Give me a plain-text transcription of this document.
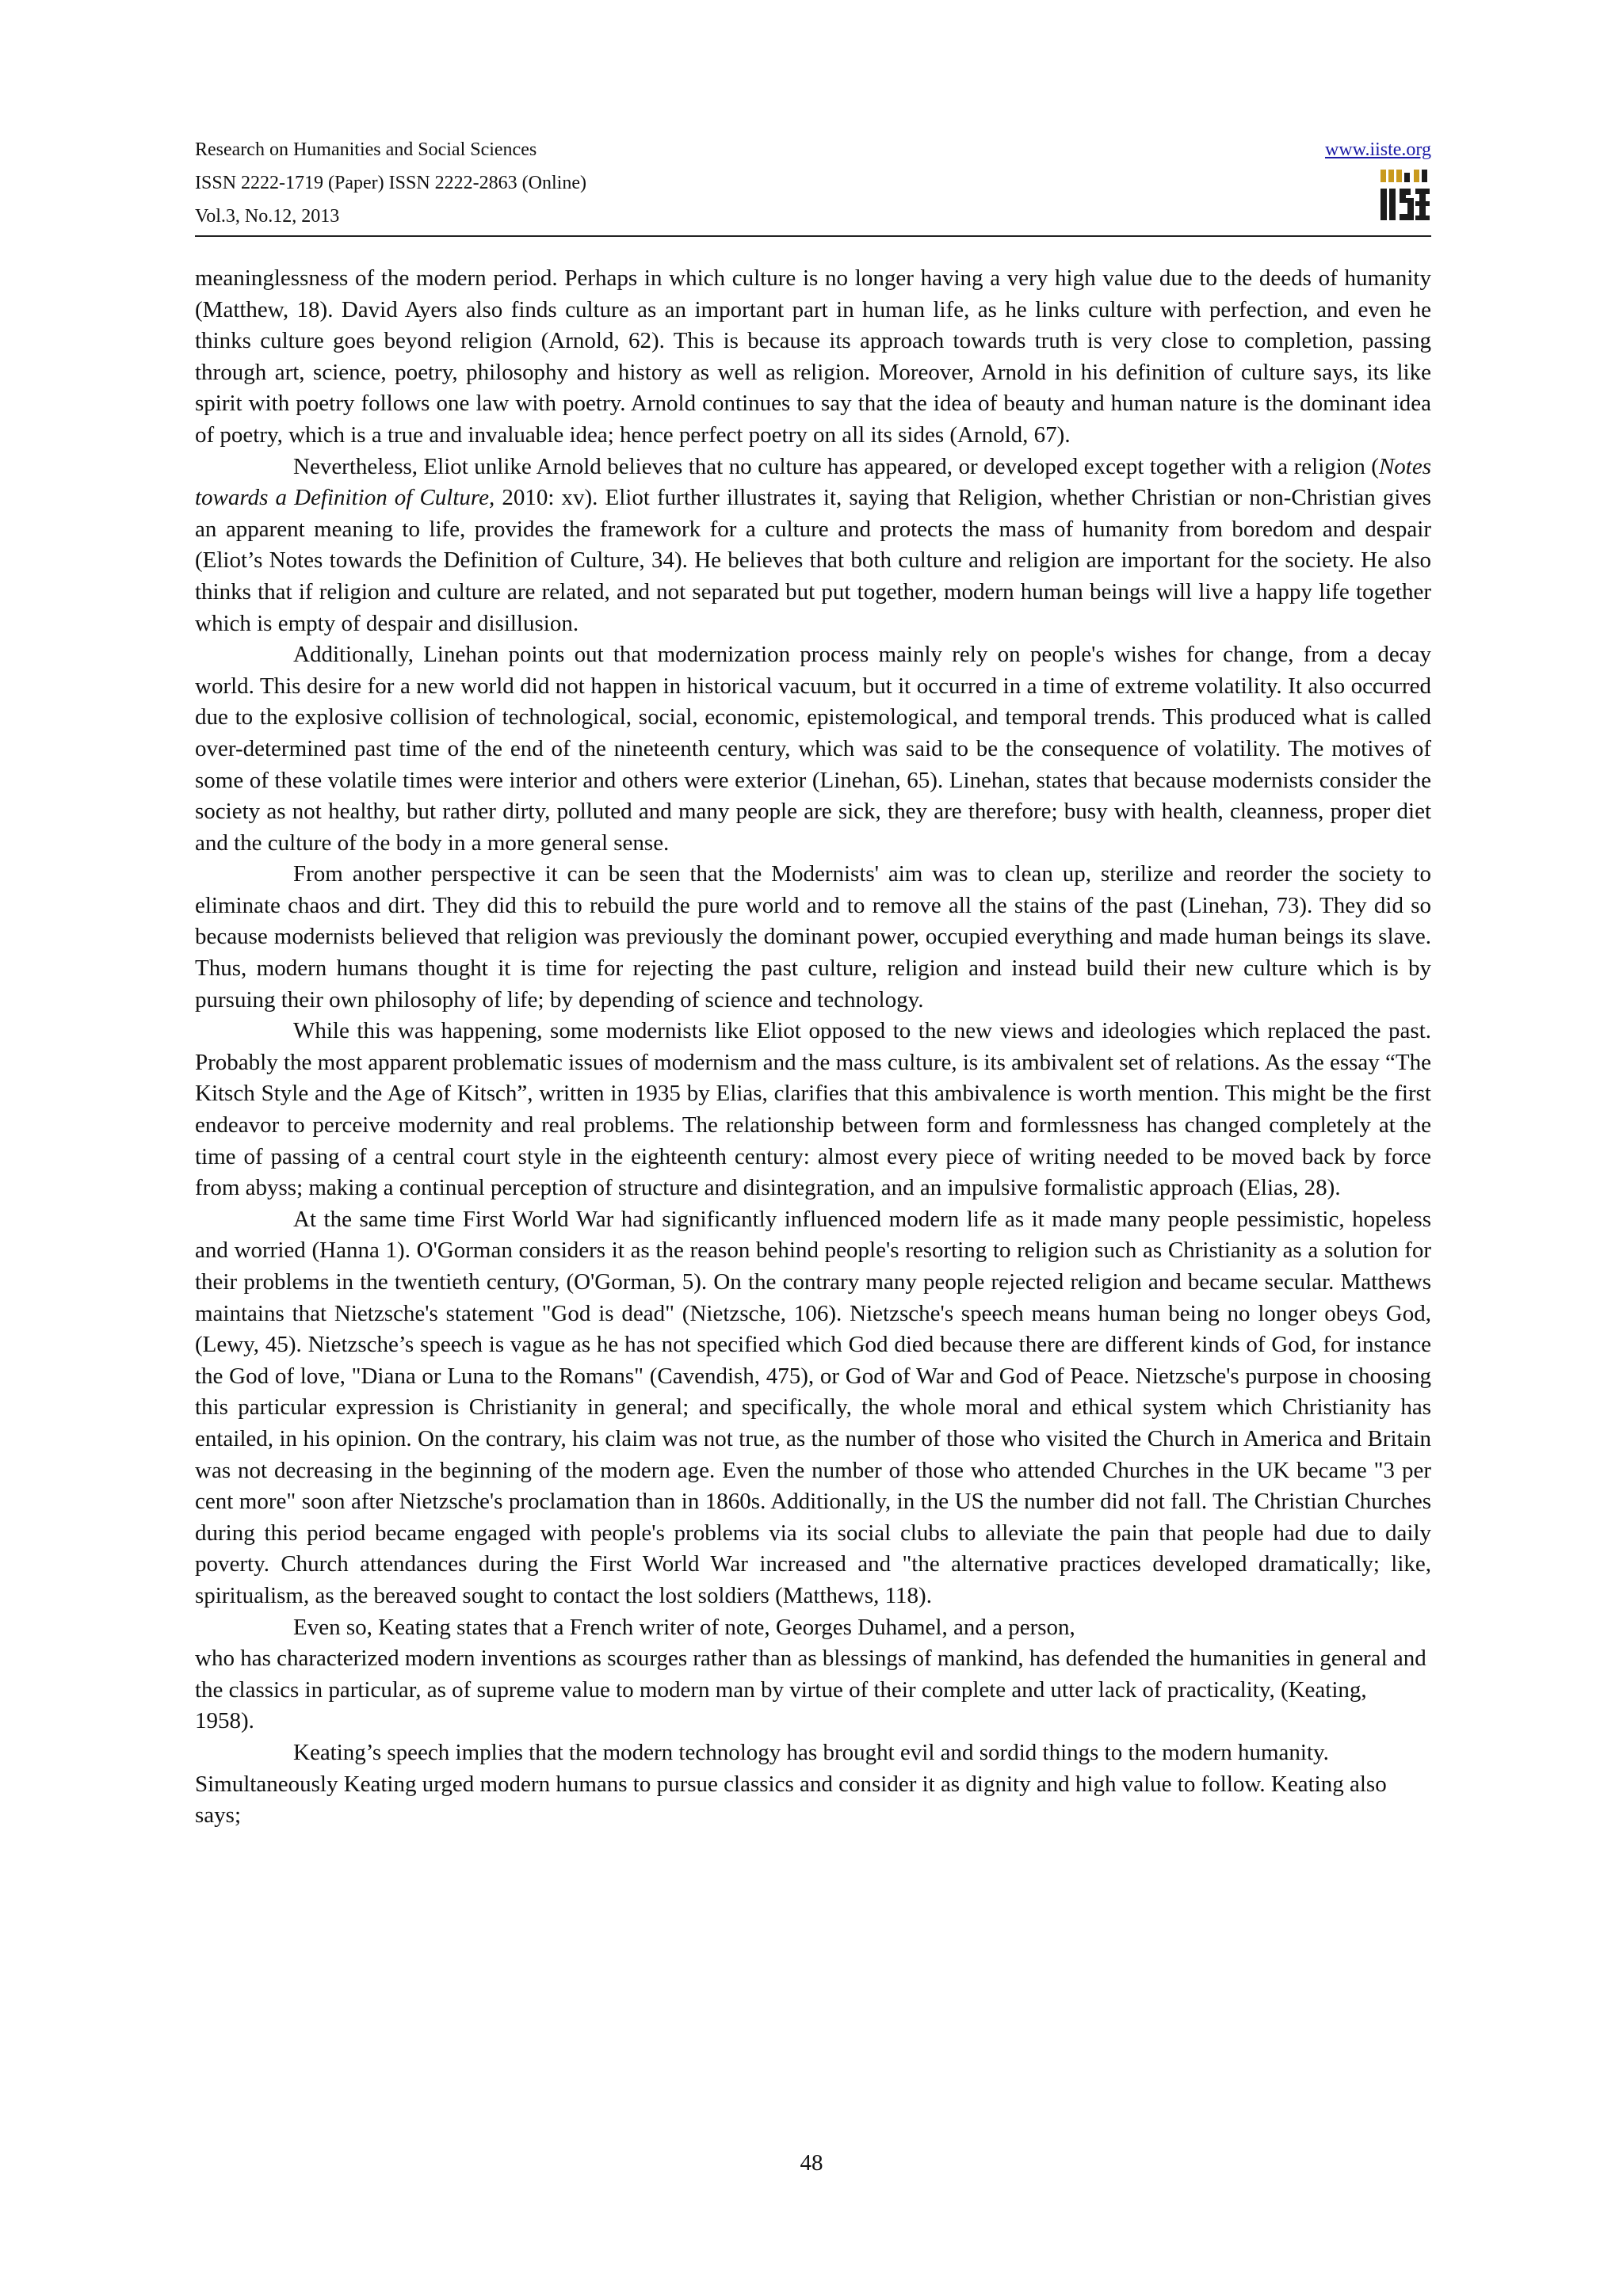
Research on Humanities and Social Sciences
ISSN 2222-1719 (Paper) ISSN 2222-2863 (Online)
Vol.3, No.12, 2013
www.iiste.org

meaninglessness of the modern period. Perhaps in which culture is no longer having a very high value due to the deeds of humanity (Matthew, 18). David Ayers also finds culture as an important part in human life, as he links culture with perfection, and even he thinks culture goes beyond religion (Arnold, 62). This is because its approach towards truth is very close to completion, passing through art, science, poetry, philosophy and history as well as religion. Moreover, Arnold in his definition of culture says, its like spirit with poetry follows one law with poetry. Arnold continues to say that the idea of beauty and human nature is the dominant idea of poetry, which is a true and invaluable idea; hence perfect poetry on all its sides (Arnold, 67).

Nevertheless, Eliot unlike Arnold believes that no culture has appeared, or developed except together with a religion (Notes towards a Definition of Culture, 2010: xv). Eliot further illustrates it, saying that Religion, whether Christian or non-Christian gives an apparent meaning to life, provides the framework for a culture and protects the mass of humanity from boredom and despair (Eliot’s Notes towards the Definition of Culture, 34). He believes that both culture and religion are important for the society. He also thinks that if religion and culture are related, and not separated but put together, modern human beings will live a happy life together which is empty of despair and disillusion.

Additionally, Linehan points out that modernization process mainly rely on people's wishes for change, from a decay world. This desire for a new world did not happen in historical vacuum, but it occurred in a time of extreme volatility. It also occurred due to the explosive collision of technological, social, economic, epistemological, and temporal trends. This produced what is called over-determined past time of the end of the nineteenth century, which was said to be the consequence of volatility. The motives of some of these volatile times were interior and others were exterior (Linehan, 65). Linehan, states that because modernists consider the society as not healthy, but rather dirty, polluted and many people are sick, they are therefore; busy with health, cleanness, proper diet and the culture of the body in a more general sense.

From another perspective it can be seen that the Modernists' aim was to clean up, sterilize and reorder the society to eliminate chaos and dirt. They did this to rebuild the pure world and to remove all the stains of the past (Linehan, 73). They did so because modernists believed that religion was previously the dominant power, occupied everything and made human beings its slave. Thus, modern humans thought it is time for rejecting the past culture, religion and instead build their new culture which is by pursuing their own philosophy of life; by depending of science and technology.

While this was happening, some modernists like Eliot opposed to the new views and ideologies which replaced the past. Probably the most apparent problematic issues of modernism and the mass culture, is its ambivalent set of relations. As the essay “The Kitsch Style and the Age of Kitsch”, written in 1935 by Elias, clarifies that this ambivalence is worth mention. This might be the first endeavor to perceive modernity and real problems. The relationship between form and formlessness has changed completely at the time of passing of a central court style in the eighteenth century: almost every piece of writing needed to be moved back by force from abyss; making a continual perception of structure and disintegration, and an impulsive formalistic approach (Elias, 28).

At the same time First World War had significantly influenced modern life as it made many people pessimistic, hopeless and worried (Hanna 1). O'Gorman considers it as the reason behind people's resorting to religion such as Christianity as a solution for their problems in the twentieth century, (O'Gorman, 5). On the contrary many people rejected religion and became secular. Matthews maintains that Nietzsche's statement "God is dead" (Nietzsche, 106). Nietzsche's speech means human being no longer obeys God, (Lewy, 45). Nietzsche’s speech is vague as he has not specified which God died because there are different kinds of God, for instance the God of love, "Diana or Luna to the Romans" (Cavendish, 475), or God of War and God of Peace. Nietzsche's purpose in choosing this particular expression is Christianity in general; and specifically, the whole moral and ethical system which Christianity has entailed, in his opinion. On the contrary, his claim was not true, as the number of those who visited the Church in America and Britain was not decreasing in the beginning of the modern age. Even the number of those who attended Churches in the UK became "3 per cent more" soon after Nietzsche's proclamation than in 1860s. Additionally, in the US the number did not fall. The Christian Churches during this period became engaged with people's problems via its social clubs to alleviate the pain that people had due to daily poverty. Church attendances during the First World War increased and "the alternative practices developed dramatically; like, spiritualism, as the bereaved sought to contact the lost soldiers (Matthews, 118).

Even so, Keating states that a French writer of note, Georges Duhamel, and a person,

who has characterized modern inventions as scourges rather than as blessings of mankind, has defended the humanities in general and the classics in particular, as of supreme value to modern man by virtue of their complete and utter lack of practicality, (Keating, 1958).

Keating’s speech implies that the modern technology has brought evil and sordid things to the modern humanity. Simultaneously Keating urged modern humans to pursue classics and consider it as dignity and high value to follow. Keating also says;

48
